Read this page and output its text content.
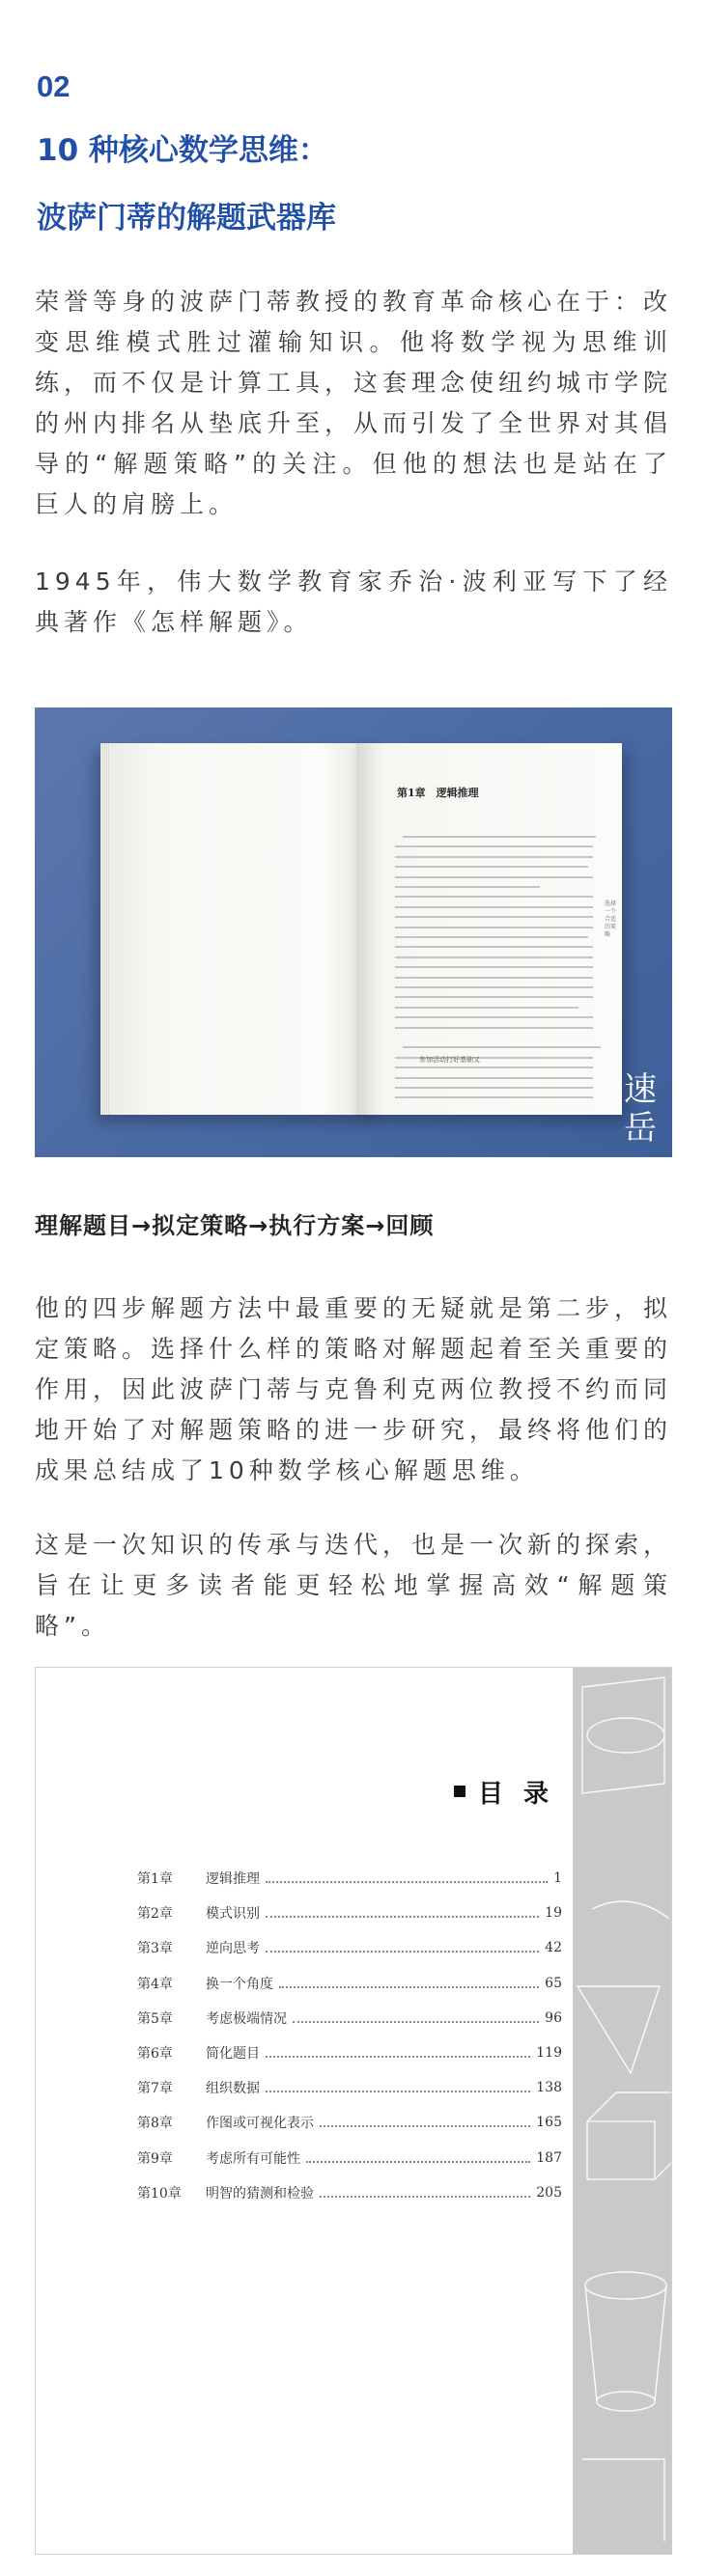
02
10 种核心数学思维：
波萨门蒂的解题武器库

荣誉等身的波萨门蒂教授的教育革命核心在于：改变思维模式胜过灌输知识。他将数学视为思维训练，而不仅是计算工具，这套理念使纽约城市学院的州内排名从垫底升至，从而引发了全世界对其倡导的“解题策略”的关注。但他的想法也是站在了巨人的肩膀上。

1945年，伟大数学教育家乔治·波利亚写下了经典著作《怎样解题》。

第1章　逻辑推理
选择一个合适的策略
参加活动打好基础又
速岳
理解题目→拟定策略→执行方案→回顾

他的四步解题方法中最重要的无疑就是第二步，拟定策略。选择什么样的策略对解题起着至关重要的作用，因此波萨门蒂与克鲁利克两位教授不约而同地开始了对解题策略的进一步研究，最终将他们的成果总结成了10种数学核心解题思维。

这是一次知识的传承与迭代，也是一次新的探索，旨在让更多读者能更轻松地掌握高效“解题策略”。

目 录
第1章	逻辑推理	1
第2章	模式识别	19
第3章	逆向思考	42
第4章	换一个角度	65
第5章	考虑极端情况	96
第6章	简化题目	119
第7章	组织数据	138
第8章	作图或可视化表示	165
第9章	考虑所有可能性	187
第10章	明智的猜测和检验	205
